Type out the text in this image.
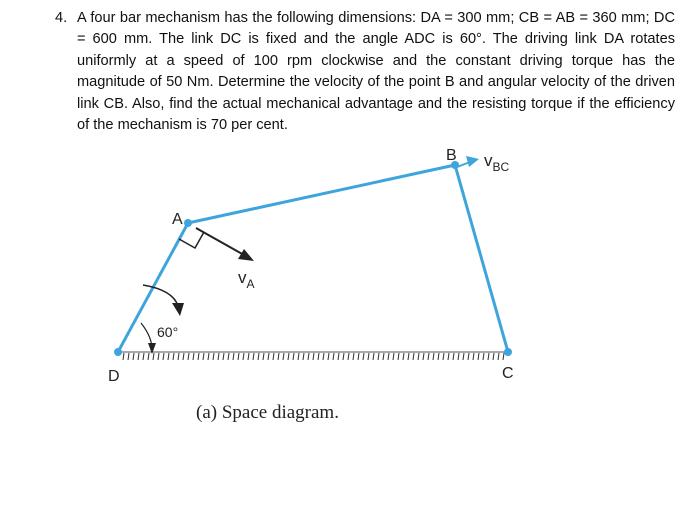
4. A four bar mechanism has the following dimensions: DA = 300 mm; CB = AB = 360 mm; DC = 600 mm. The link DC is fixed and the angle ADC is 60°. The driving link DA rotates uniformly at a speed of 100 rpm clockwise and the constant driving torque has the magnitude of 50 Nm. Determine the velocity of the point B and angular velocity of the driven link CB. Also, find the actual mechanical advantage and the resisting torque if the efficiency of the mechanism is 70 per cent.
A
B
C
D
60°
$v_A$
$v_{BC}$
(a) Space diagram.
